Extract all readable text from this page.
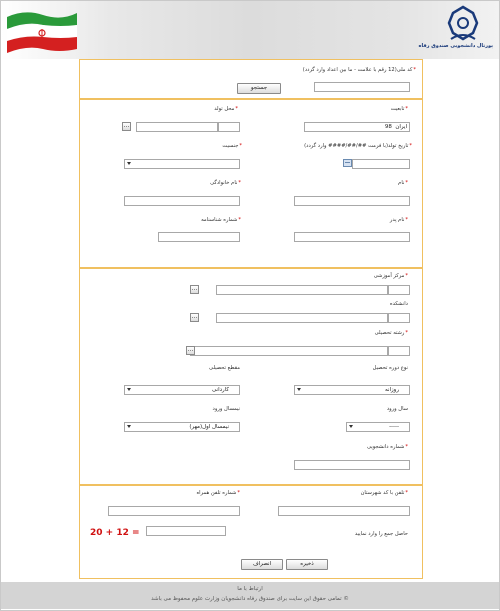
پورتال دانشجویی صندوق رفاه
*کد ملی(12 رقم با علامت - ما بین اعداد وارد گردد)
جستجو
*تابعیت
ایران  98
*محل تولد
...
*تاریخ تولد(با فرمت ##/##/#### وارد گردد)
*جنسیت
*نام
*نام خانوادگی
*نام پدر
*شماره شناسنامه
*مرکز آموزشی
...
دانشکده
...
*رشته تحصیلی
...
نوع دوره تحصیل
روزانه
مقطع تحصیلی
کاردانی
سال ورود
-----
نیمسال ورود
نیمسال اول(مهر)
*شماره دانشجویی
*تلفن با کد شهرستان
*شماره تلفن همراه
حاصل جمع را وارد نمایید
20 + 12 =
ذخیره
انصراف
ارتباط با ما
© تمامی حقوق این سایت برای صندوق رفاه دانشجویان وزارت علوم محفوظ می باشد
